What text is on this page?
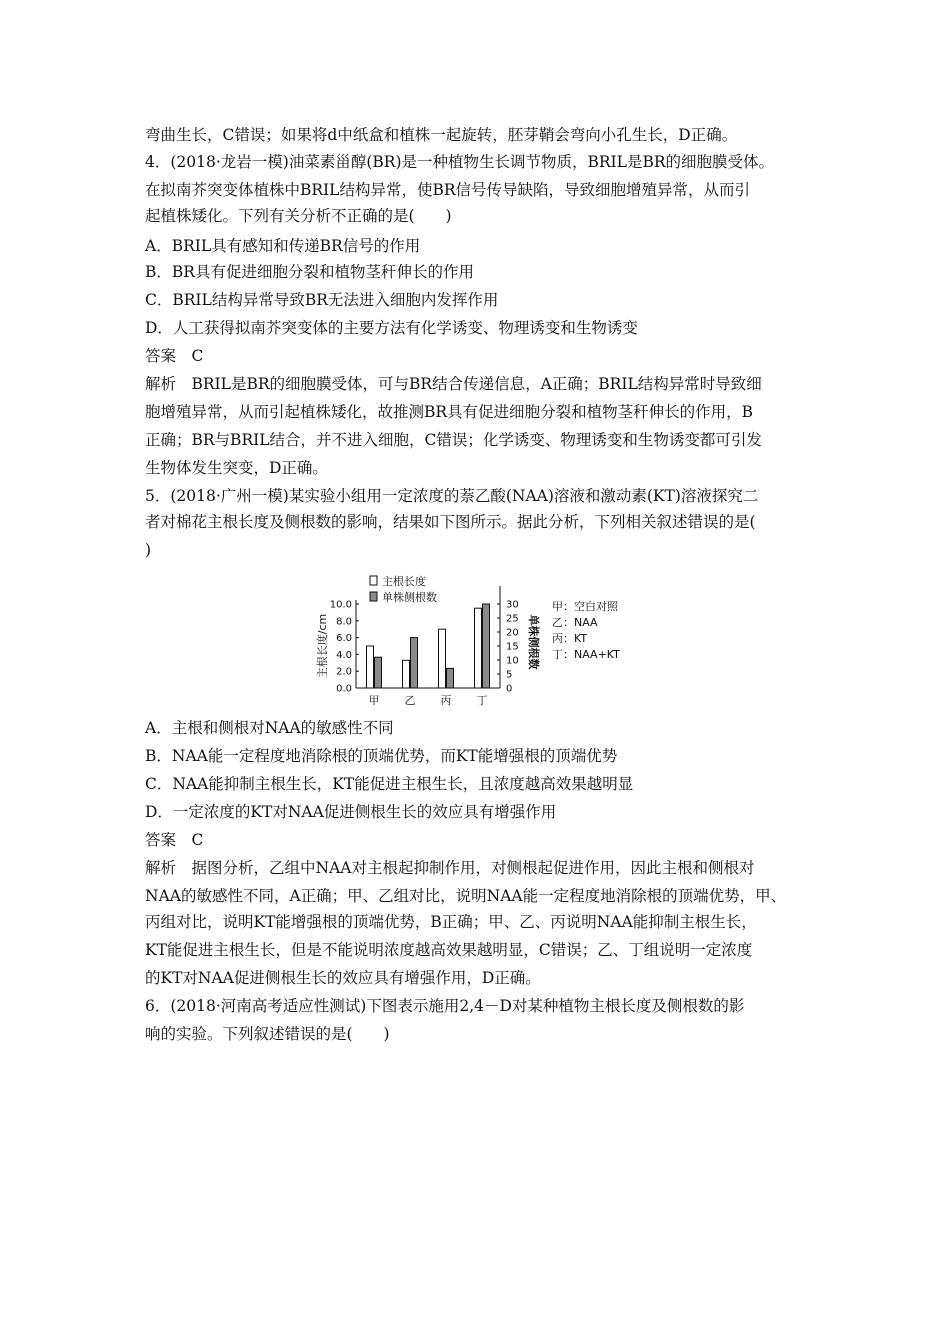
弯曲生长，C错误；如果将d中纸盒和植株一起旋转，胚芽鞘会弯向小孔生长，D正确。
4．(2018·龙岩一模)油菜素甾醇(BR)是一种植物生长调节物质，BRIL是BR的细胞膜受体。
在拟南芥突变体植株中BRIL结构异常，使BR信号传导缺陷，导致细胞增殖异常，从而引
起植株矮化。下列有关分析不正确的是(　　)
A．BRIL具有感知和传递BR信号的作用
B．BR具有促进细胞分裂和植物茎秆伸长的作用
C．BRIL结构异常导致BR无法进入细胞内发挥作用
D．人工获得拟南芥突变体的主要方法有化学诱变、物理诱变和生物诱变
答案　C
解析　BRIL是BR的细胞膜受体，可与BR结合传递信息，A正确；BRIL结构异常时导致细
胞增殖异常，从而引起植株矮化，故推测BR具有促进细胞分裂和植物茎秆伸长的作用，B
正确；BR与BRIL结合，并不进入细胞，C错误；化学诱变、物理诱变和生物诱变都可引发
生物体发生突变，D正确。
5．(2018·广州一模)某实验小组用一定浓度的萘乙酸(NAA)溶液和激动素(KT)溶液探究二
者对棉花主根长度及侧根数的影响，结果如下图所示。据此分析，下列相关叙述错误的是(
)
A．主根和侧根对NAA的敏感性不同
B．NAA能一定程度地消除根的顶端优势，而KT能增强根的顶端优势
C．NAA能抑制主根生长，KT能促进主根生长，且浓度越高效果越明显
D．一定浓度的KT对NAA促进侧根生长的效应具有增强作用
答案　C
解析　据图分析，乙组中NAA对主根起抑制作用，对侧根起促进作用，因此主根和侧根对
NAA的敏感性不同，A正确；甲、乙组对比，说明NAA能一定程度地消除根的顶端优势，甲、
丙组对比，说明KT能增强根的顶端优势，B正确；甲、乙、丙说明NAA能抑制主根生长，
KT能促进主根生长，但是不能说明浓度越高效果越明显，C错误；乙、丁组说明一定浓度
的KT对NAA促进侧根生长的效应具有增强作用，D正确。
6．(2018·河南高考适应性测试)下图表示施用2,4－D对某种植物主根长度及侧根数的影
响的实验。下列叙述错误的是(　　)
0.0
2.0
4.0
6.0
8.0
10.0
0
5
10
15
20
25
30
主根长度/cm	单株侧根数
甲 乙 丙 丁
主根长度
单株侧根数
甲：空白对照
乙：NAA
丙：KT
丁：NAA+KT
